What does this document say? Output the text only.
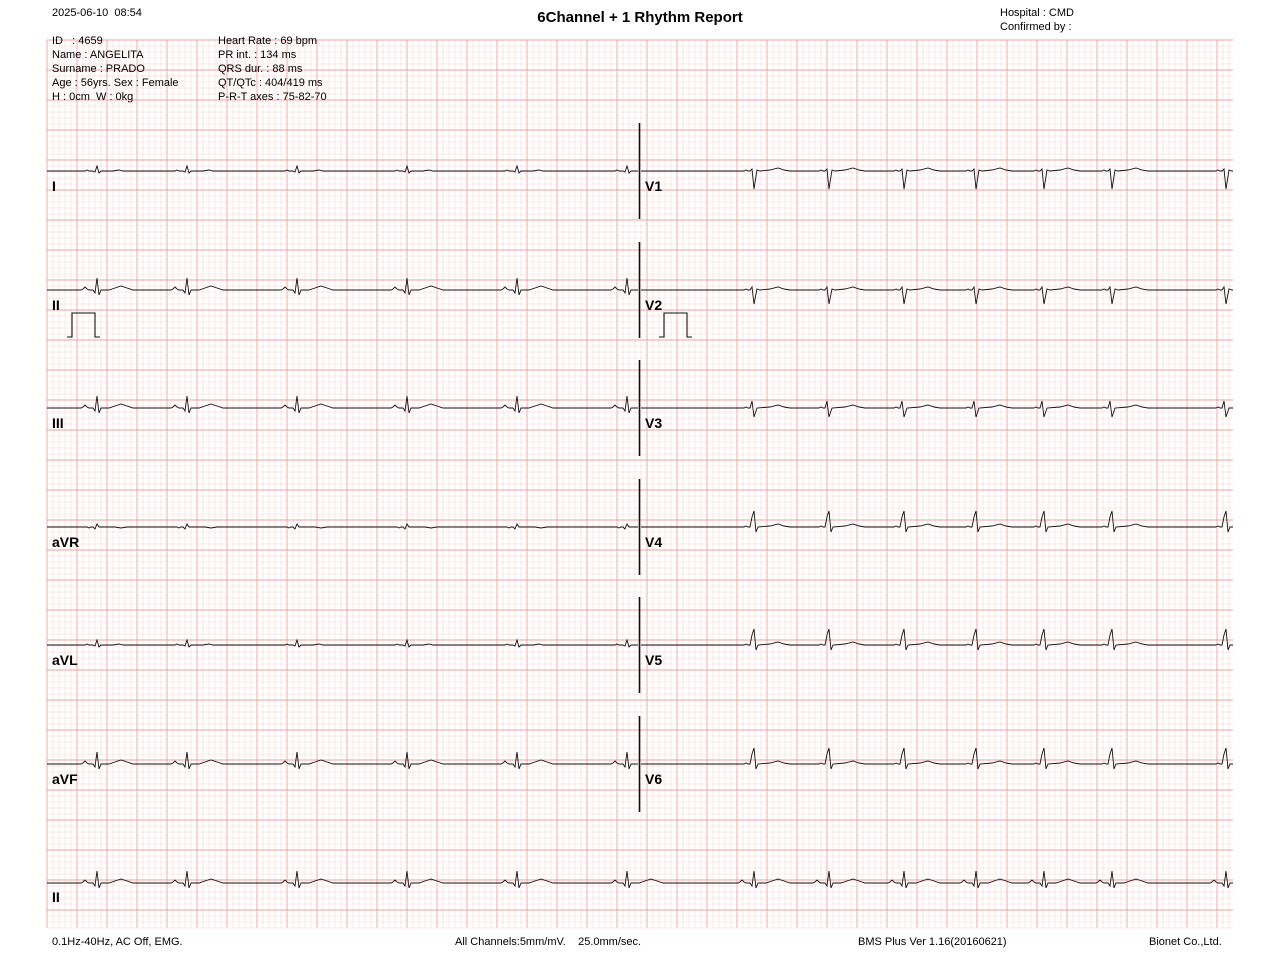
2025-06-10  08:54	6Channel + 1 Rhythm Report	Hospital : CMD
Confirmed by :
ID   : 4659
Name : ANGELITA
Surname : PRADO
Age : 56yrs. Sex : Female
H : 0cm  W : 0kg
Heart Rate : 69 bpm
PR int. : 134 ms
QRS dur. : 88 ms
QT/QTc : 404/419 ms
P-R-T axes : 75-82-70
I
II
III
aVR
aVL
aVF
V1
V2
V3
V4
V5
V6
II
0.1Hz-40Hz, AC Off, EMG.	All Channels:5mm/mV.    25.0mm/sec.	BMS Plus Ver 1.16(20160621)	Bionet Co.,Ltd.
